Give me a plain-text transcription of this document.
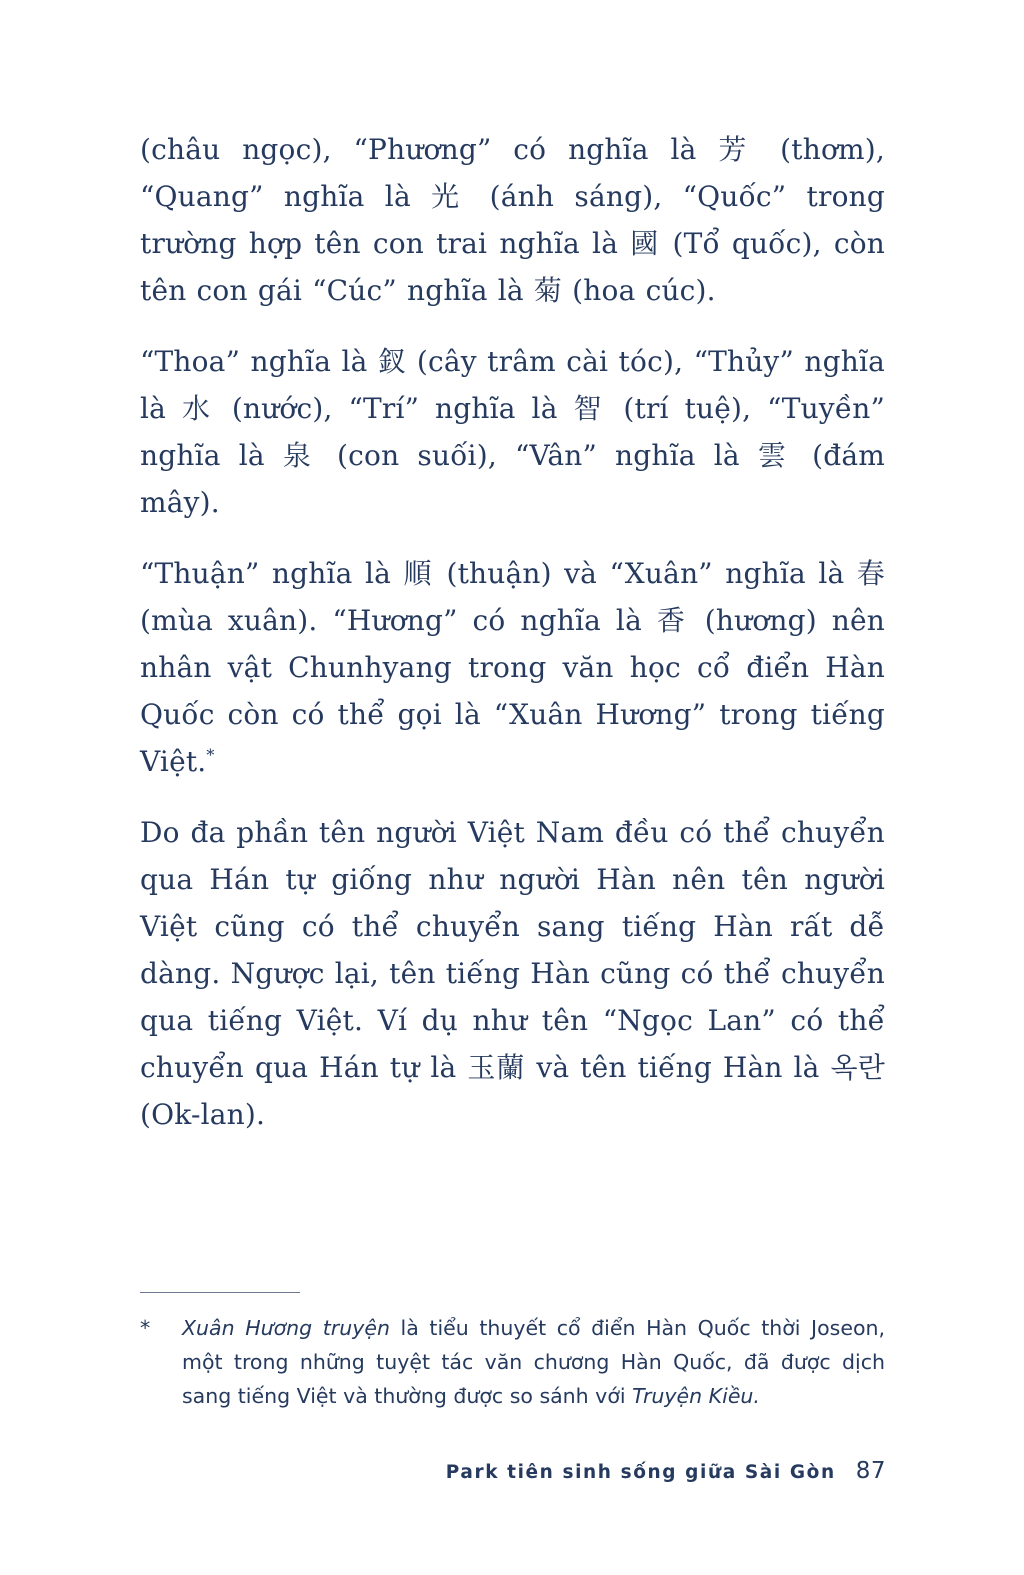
(châu ngọc), “Phương” có nghĩa là 芳 (thơm), “Quang” nghĩa là 光 (ánh sáng), “Quốc” trong trường hợp tên con trai nghĩa là 國 (Tổ quốc), còn tên con gái “Cúc” nghĩa là 菊 (hoa cúc).

“Thoa” nghĩa là 釵 (cây trâm cài tóc), “Thủy” nghĩa là 水 (nước), “Trí” nghĩa là 智 (trí tuệ), “Tuyền” nghĩa là 泉 (con suối), “Vân” nghĩa là 雲 (đám mây).

“Thuận” nghĩa là 順 (thuận) và “Xuân” nghĩa là 春 (mùa xuân). “Hương” có nghĩa là 香 (hương) nên nhân vật Chunhyang trong văn học cổ điển Hàn Quốc còn có thể gọi là “Xuân Hương” trong tiếng Việt.*

Do đa phần tên người Việt Nam đều có thể chuyển qua Hán tự giống như người Hàn nên tên người Việt cũng có thể chuyển sang tiếng Hàn rất dễ dàng. Ngược lại, tên tiếng Hàn cũng có thể chuyển qua tiếng Việt. Ví dụ như tên “Ngọc Lan” có thể chuyển qua Hán tự là 玉蘭 và tên tiếng Hàn là 옥란 (Ok-lan).

*	Xuân Hương truyện là tiểu thuyết cổ điển Hàn Quốc thời Joseon, một trong những tuyệt tác văn chương Hàn Quốc, đã được dịch sang tiếng Việt và thường được so sánh với Truyện Kiều.
Park tiên sinh sống giữa Sài Gòn 87
